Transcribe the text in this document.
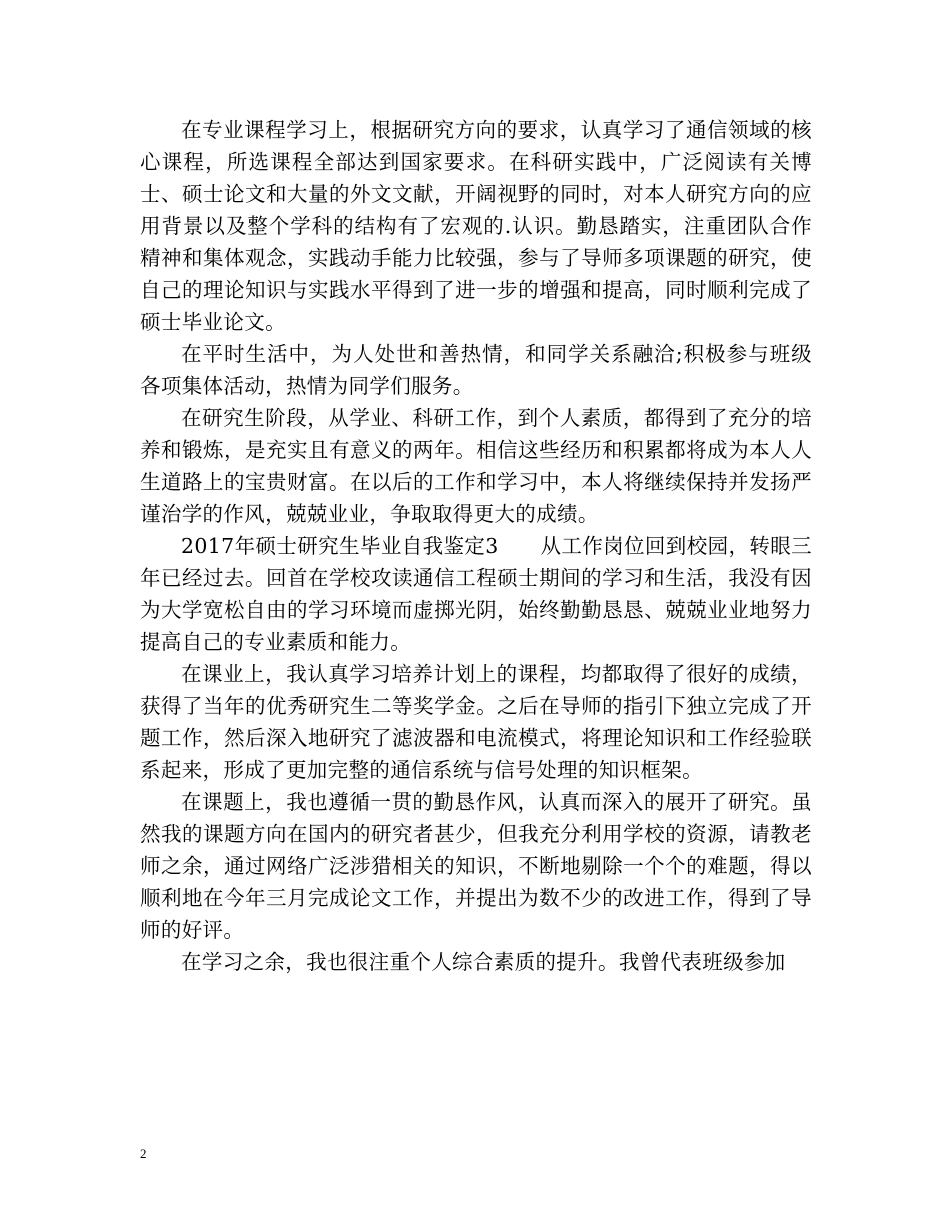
在专业课程学习上，根据研究方向的要求，认真学习了通信领域的核心课程，所选课程全部达到国家要求。在科研实践中，广泛阅读有关博士、硕士论文和大量的外文文献，开阔视野的同时，对本人研究方向的应用背景以及整个学科的结构有了宏观的.认识。勤恳踏实，注重团队合作精神和集体观念，实践动手能力比较强，参与了导师多项课题的研究，使自己的理论知识与实践水平得到了进一步的增强和提高，同时顺利完成了硕士毕业论文。

在平时生活中，为人处世和善热情，和同学关系融洽;积极参与班级各项集体活动，热情为同学们服务。

在研究生阶段，从学业、科研工作，到个人素质，都得到了充分的培养和锻炼，是充实且有意义的两年。相信这些经历和积累都将成为本人人生道路上的宝贵财富。在以后的工作和学习中，本人将继续保持并发扬严谨治学的作风，兢兢业业，争取取得更大的成绩。

2017年硕士研究生毕业自我鉴定3　　从工作岗位回到校园，转眼三年已经过去。回首在学校攻读通信工程硕士期间的学习和生活，我没有因为大学宽松自由的学习环境而虚掷光阴，始终勤勤恳恳、兢兢业业地努力提高自己的专业素质和能力。

在课业上，我认真学习培养计划上的课程，均都取得了很好的成绩，获得了当年的优秀研究生二等奖学金。之后在导师的指引下独立完成了开题工作，然后深入地研究了滤波器和电流模式，将理论知识和工作经验联系起来，形成了更加完整的通信系统与信号处理的知识框架。

在课题上，我也遵循一贯的勤恳作风，认真而深入的展开了研究。虽然我的课题方向在国内的研究者甚少，但我充分利用学校的资源，请教老师之余，通过网络广泛涉猎相关的知识，不断地剔除一个个的难题，得以顺利地在今年三月完成论文工作，并提出为数不少的改进工作，得到了导师的好评。

在学习之余，我也很注重个人综合素质的提升。我曾代表班级参加

2
